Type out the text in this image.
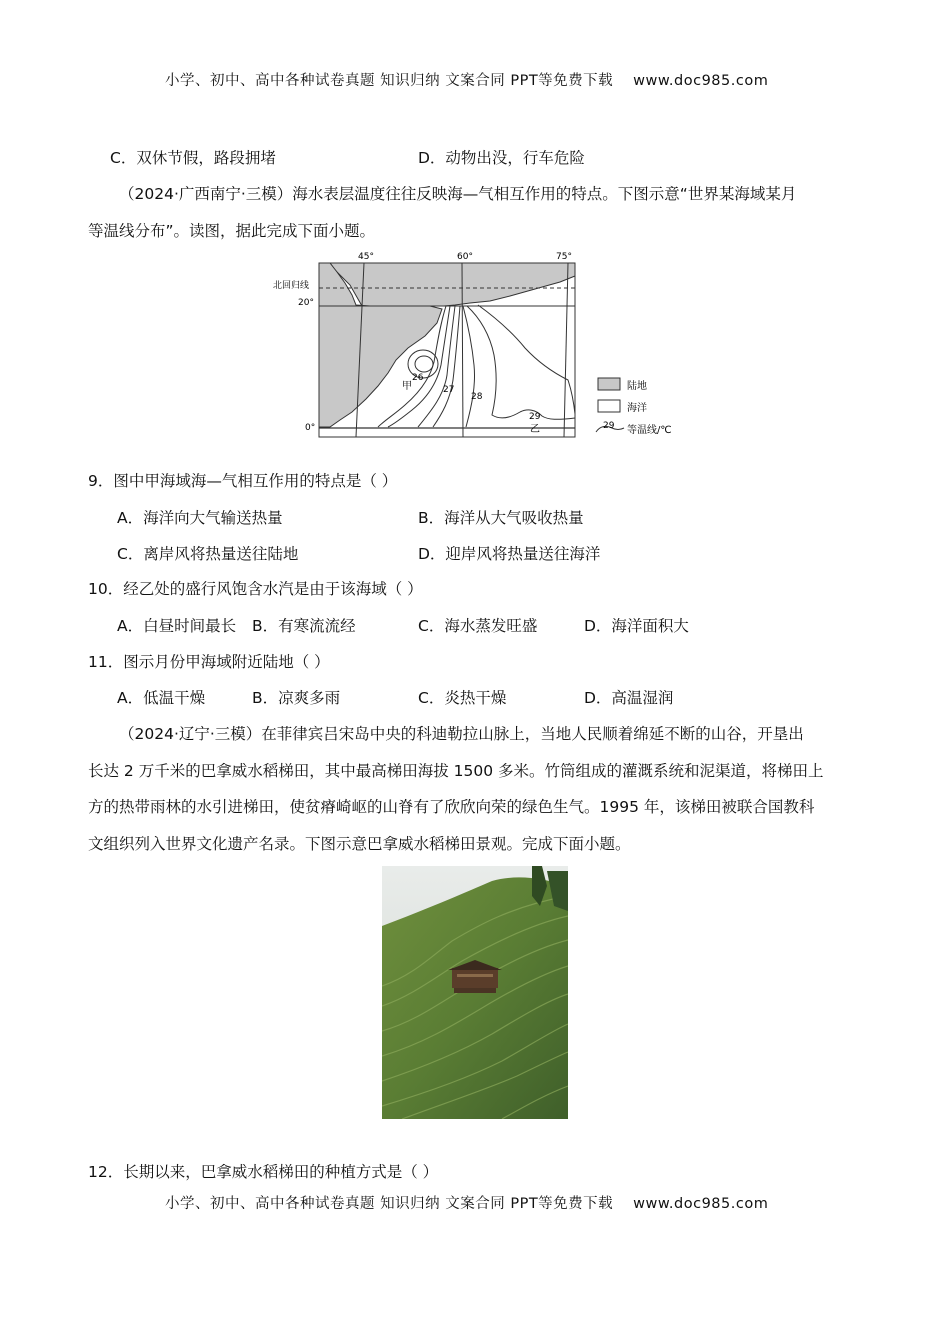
小学、初中、高中各种试卷真题 知识归纳 文案合同 PPT等免费下载 www.doc985.com
C．双休节假，路段拥堵	D．动物出没，行车危险
（2024·广西南宁·三模）海水表层温度往往反映海—气相互作用的特点。下图示意“世界某海域某月
等温线分布”。读图，据此完成下面小题。
45°	60°	75°
北回归线
20°
0°
26
27
28
29
甲
乙
陆地
海洋
29 等温线/℃
9．图中甲海域海—气相互作用的特点是（ ）
A．海洋向大气输送热量	B．海洋从大气吸收热量
C．离岸风将热量送往陆地	D．迎岸风将热量送往海洋
10．经乙处的盛行风饱含水汽是由于该海域（ ）
A．白昼时间最长 B．有寒流流经	C．海水蒸发旺盛	D．海洋面积大
11．图示月份甲海域附近陆地（ ）
A．低温干燥	B．凉爽多雨	C．炎热干燥	D．高温湿润
（2024·辽宁·三模）在菲律宾吕宋岛中央的科迪勒拉山脉上，当地人民顺着绵延不断的山谷，开垦出
长达 2 万千米的巴拿威水稻梯田，其中最高梯田海拔 1500 多米。竹筒组成的灌溉系统和泥渠道，将梯田上
方的热带雨林的水引进梯田，使贫瘠崎岖的山脊有了欣欣向荣的绿色生气。1995 年，该梯田被联合国教科
文组织列入世界文化遗产名录。下图示意巴拿威水稻梯田景观。完成下面小题。
12．长期以来，巴拿威水稻梯田的种植方式是（ ）
小学、初中、高中各种试卷真题 知识归纳 文案合同 PPT等免费下载 www.doc985.com
